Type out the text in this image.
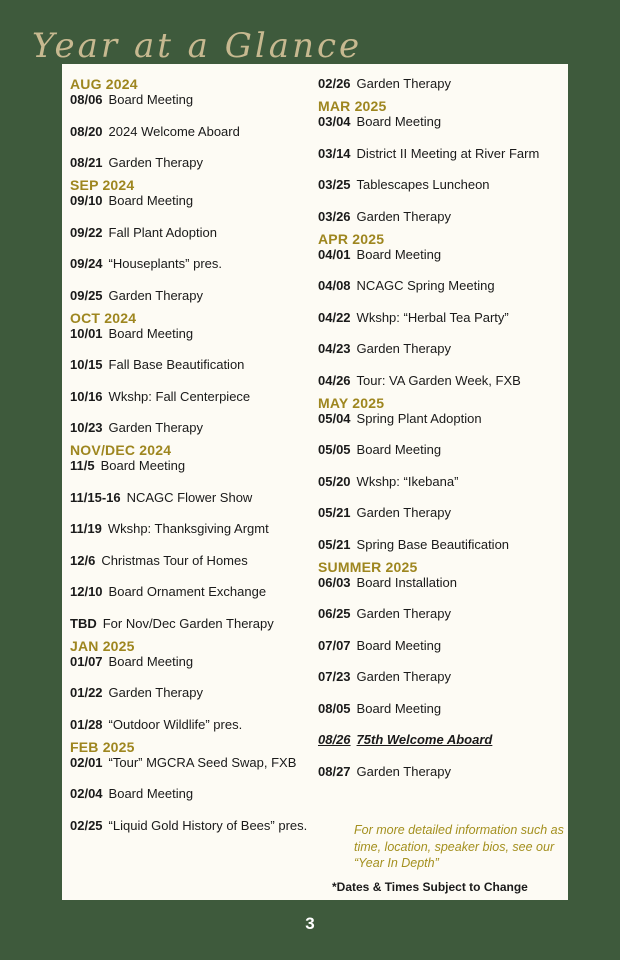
Year at a Glance
AUG 2024
08/06 Board Meeting
08/20 2024 Welcome Aboard
08/21 Garden Therapy
SEP 2024
09/10 Board Meeting
09/22 Fall Plant Adoption
09/24 “Houseplants” pres.
09/25 Garden Therapy
OCT 2024
10/01 Board Meeting
10/15 Fall Base Beautification
10/16 Wkshp: Fall Centerpiece
10/23 Garden Therapy
NOV/DEC 2024
11/5 Board Meeting
11/15-16 NCAGC Flower Show
11/19 Wkshp: Thanksgiving Argmt
12/6 Christmas Tour of Homes
12/10 Board Ornament Exchange
TBD For Nov/Dec Garden Therapy
JAN 2025
01/07 Board Meeting
01/22 Garden Therapy
01/28 “Outdoor Wildlife” pres.
FEB 2025
02/01 “Tour” MGCRA Seed Swap, FXB
02/04 Board Meeting
02/25 “Liquid Gold History of Bees” pres.
02/26 Garden Therapy
MAR 2025
03/04 Board Meeting
03/14 District II Meeting at River Farm
03/25 Tablescapes Luncheon
03/26 Garden Therapy
APR 2025
04/01 Board Meeting
04/08 NCAGC Spring Meeting
04/22 Wkshp: “Herbal Tea Party”
04/23 Garden Therapy
04/26 Tour: VA Garden Week, FXB
MAY 2025
05/04 Spring Plant Adoption
05/05 Board Meeting
05/20 Wkshp: “Ikebana”
05/21 Garden Therapy
05/21 Spring Base Beautification
SUMMER 2025
06/03 Board Installation
06/25 Garden Therapy
07/07 Board Meeting
07/23 Garden Therapy
08/05 Board Meeting
08/26 75th Welcome Aboard
08/27 Garden Therapy
For more detailed information such as time, location, speaker bios, see our “Year In Depth”
*Dates & Times Subject to Change
3
